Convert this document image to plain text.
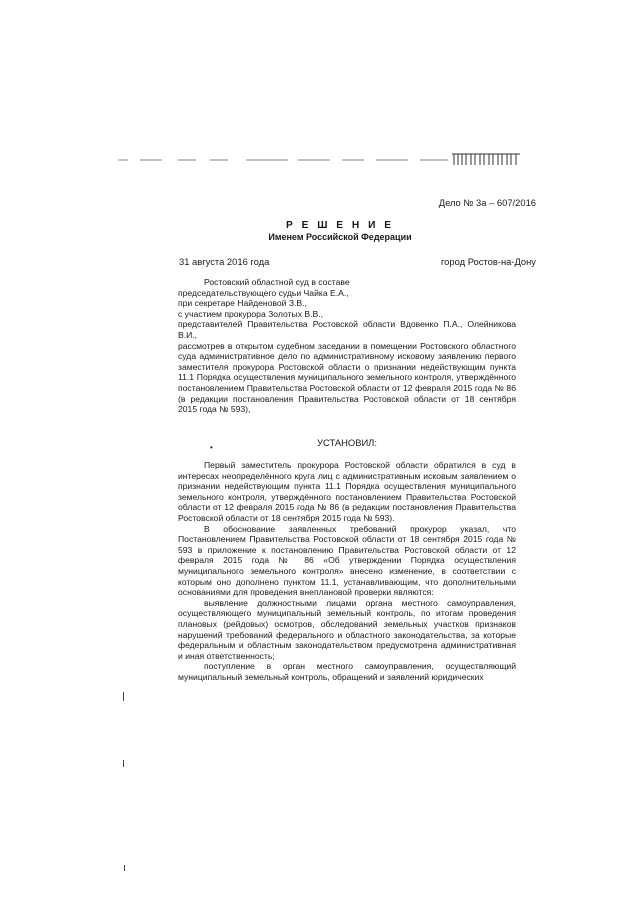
Дело № 3а – 607/2016
Р Е Ш Е Н И Е
Именем Российской Федерации
31 августа 2016 года	город Ростов-на-Дону

Ростовский областной суд в составе

председательствующего судьи Чайка Е.А.,

при секретаре Найденовой З.В.,

с участием прокурора Золотых В.В.,

представителей Правительства Ростовской области Вдовенко П.А., Олейникова В.И.,

рассмотрев в открытом судебном заседании в помещении Ростовского областного суда административное дело по административному исковому заявлению первого заместителя прокурора Ростовской области о признании недействующим пункта 11.1 Порядка осуществления муниципального земельного контроля, утверждённого постановлением Правительства Ростовской области от 12 февраля 2015 года № 86 (в редакции постановления Правительства Ростовской области от 18 сентября 2015 года № 593),

•	УСТАНОВИЛ:

Первый заместитель прокурора Ростовской области обратился в суд в интересах неопределённого круга лиц с административным исковым заявлением о признании недействующим пункта 11.1 Порядка осуществления муниципального земельного контроля, утверждённого постановлением Правительства Ростовской области от 12 февраля 2015 года № 86 (в редакции постановления Правительства Ростовской области от 18 сентября 2015 года № 593).

В обоснование заявленных требований прокурор указал, что Постановлением Правительства Ростовской области от 18 сентября 2015 года № 593 в приложение к постановлению Правительства Ростовской области от 12 февраля 2015 года № 86 «Об утверждении Порядка осуществления муниципального земельного контроля» внесено изменение, в соответствии с которым оно дополнено пунктом 11.1, устанавливающим, что дополнительными основаниями для проведения внеплановой проверки являются:

выявление должностными лицами органа местного самоуправления, осуществляющего муниципальный земельный контроль, по итогам проведения плановых (рейдовых) осмотров, обследований земельных участков признаков нарушений требований федерального и областного законодательства, за которые федеральным и областным законодательством предусмотрена административная и иная ответственность;

поступление в орган местного самоуправления, осуществляющий муниципальный земельный контроль, обращений и заявлений юридических
